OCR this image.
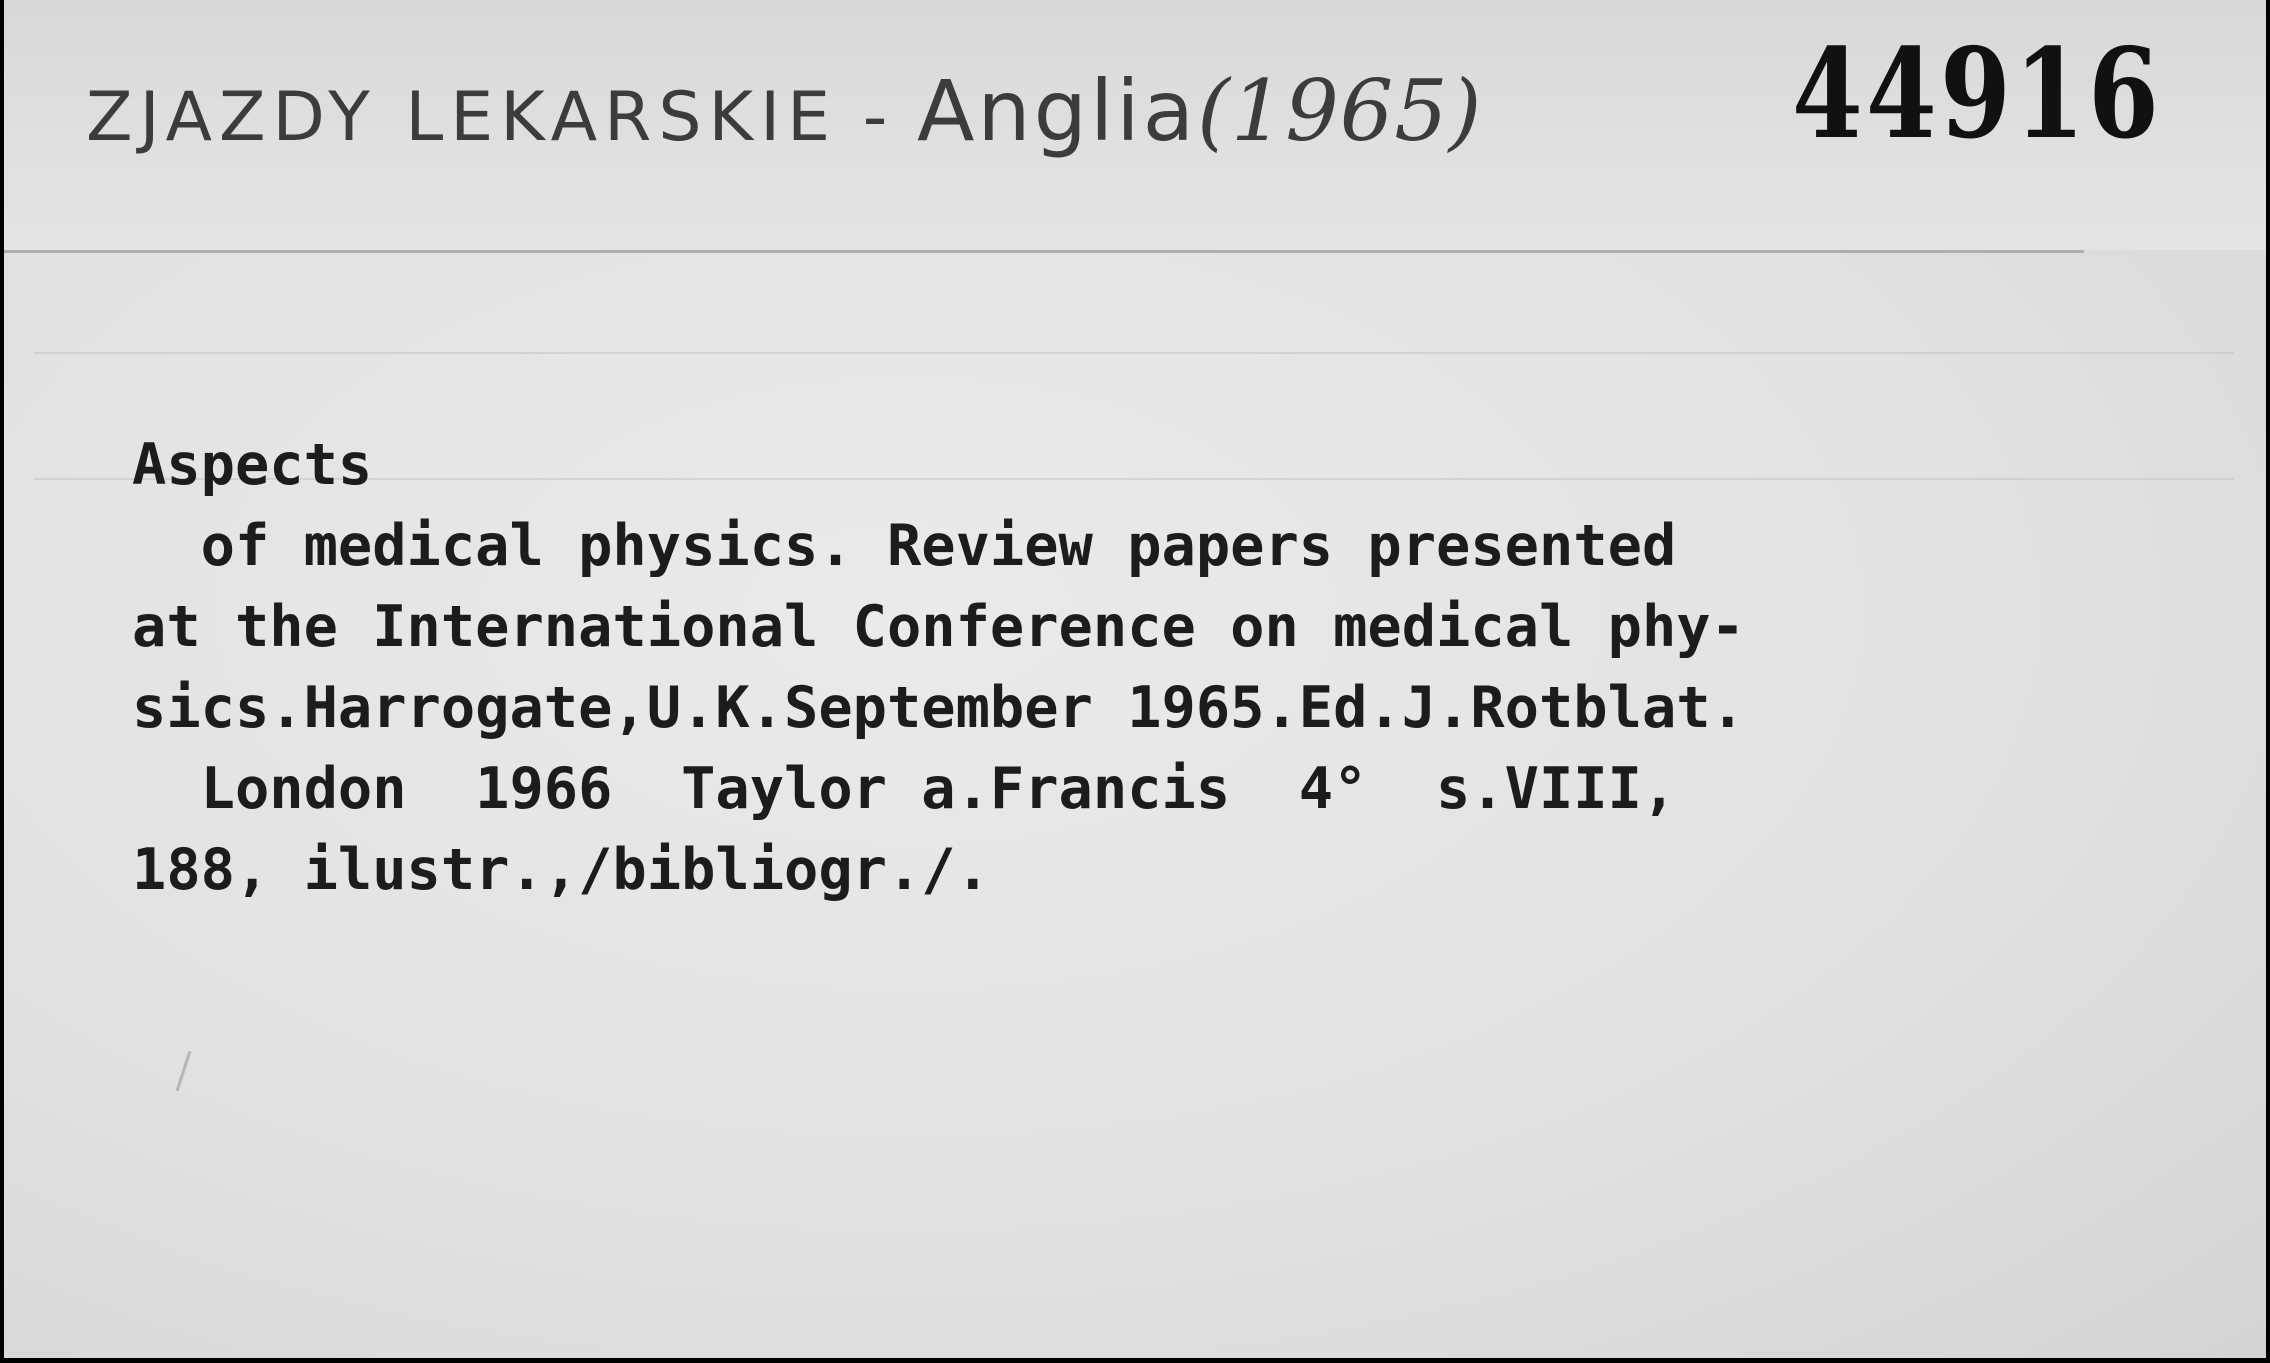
ZJAZDY LEKARSKIE - Anglia(1965) 44916
Aspects
of medical physics. Review papers presented
at the International Conference on medical phy-
sics.Harrogate,U.K.September 1965.Ed.J.Rotblat.
London  1966  Taylor a.Francis  4°  s.VIII,
188, ilustr.,/bibliogr./.
